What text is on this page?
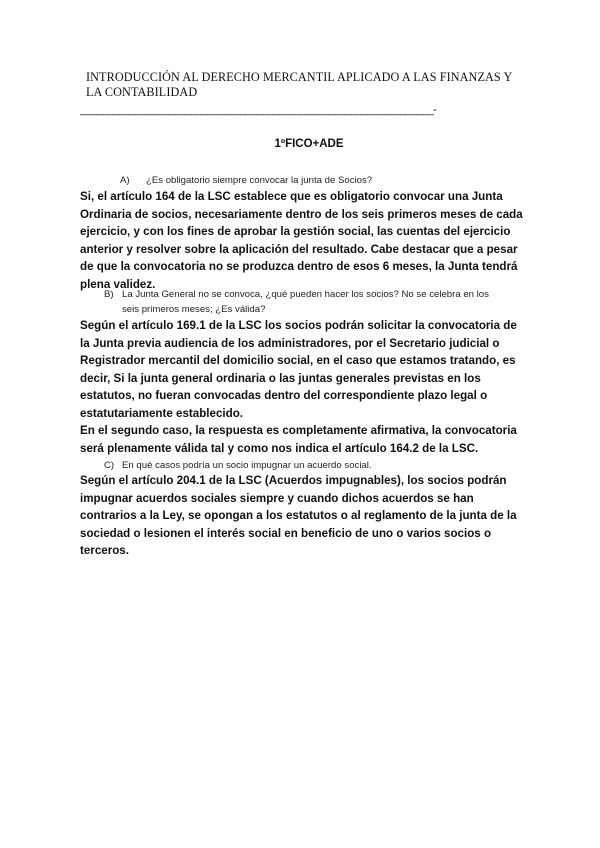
INTRODUCCIÓN AL DERECHO MERCANTIL APLICADO A LAS FINANZAS Y
LA CONTABILIDAD
________________________________________________________________-
1ºFICO+ADE
A) ¿Es obligatorio siempre convocar la junta de Socios?

Si, el artículo 164 de la LSC establece que es obligatorio convocar una Junta Ordinaria de socios, necesariamente dentro de los seis primeros meses de cada ejercicio, y con los fines de aprobar la gestión social, las cuentas del ejercicio anterior y resolver sobre la aplicación del resultado. Cabe destacar que a pesar de que la convocatoria no se produzca dentro de esos 6 meses, la Junta tendrá plena validez.

B) La Junta General no se convoca, ¿qué pueden hacer los socios? No se celebra en los
seis primeros meses; ¿Es válida?

Según el artículo 169.1 de la LSC los socios podrán solicitar la convocatoria de la Junta previa audiencia de los administradores, por el Secretario judicial o Registrador mercantil del domicilio social, en el caso que estamos tratando, es decir, Si la junta general ordinaria o las juntas generales previstas en los estatutos, no fueran convocadas dentro del correspondiente plazo legal o estatutariamente establecido.

En el segundo caso, la respuesta es completamente afirmativa, la convocatoria será plenamente válida tal y como nos indica el artículo 164.2 de la LSC.

C) En qué casos podría un socio impugnar un acuerdo social.

Según el artículo 204.1 de la LSC (Acuerdos impugnables), los socios podrán impugnar acuerdos sociales siempre y cuando dichos acuerdos se han contrarios a la Ley, se opongan a los estatutos o al reglamento de la junta de la sociedad o lesionen el interés social en beneficio de uno o varios socios o terceros.
